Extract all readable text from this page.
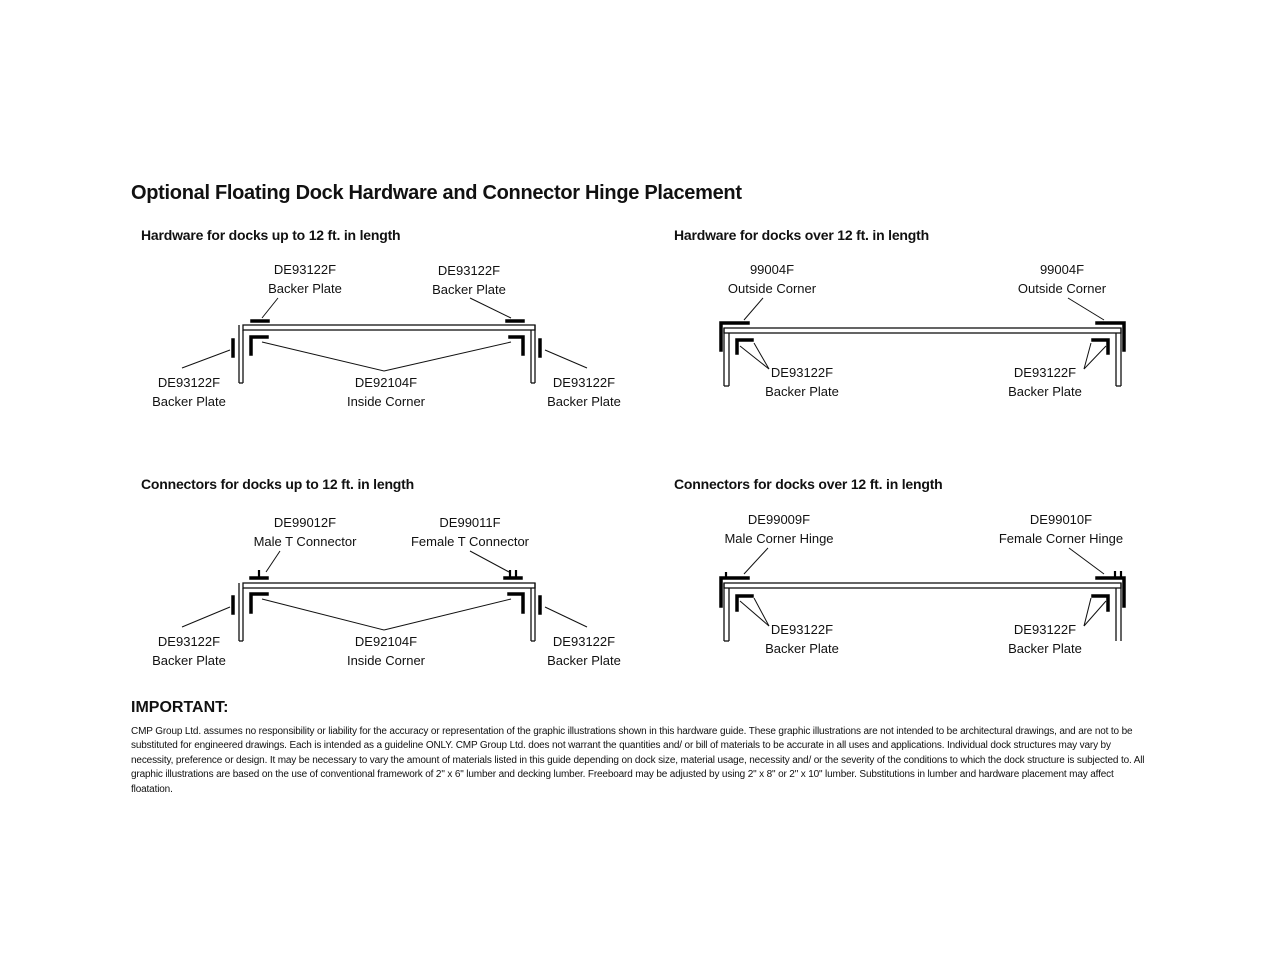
Optional Floating Dock Hardware and Connector Hinge Placement
Hardware for docks up to 12 ft. in length	Hardware for docks over 12 ft. in length
Connectors for docks up to 12 ft. in length	Connectors for docks over 12 ft. in length
DE93122F
Backer Plate
DE93122F
Backer Plate
DE93122F
Backer Plate
DE92104F
Inside Corner
DE93122F
Backer Plate
99004F
Outside Corner
99004F
Outside Corner
DE93122F
Backer Plate
DE93122F
Backer Plate
DE99012F
Male T Connector
DE99011F
Female T Connector
DE93122F
Backer Plate
DE92104F
Inside Corner
DE93122F
Backer Plate
DE99009F
Male Corner Hinge
DE99010F
Female Corner Hinge
DE93122F
Backer Plate
DE93122F
Backer Plate
IMPORTANT:
CMP Group Ltd. assumes no responsibility or liability for the accuracy or representation of the graphic illustrations shown in this hardware guide. These graphic illustrations are not intended to be architectural drawings, and are not to be substituted for engineered drawings. Each is intended as a guideline ONLY. CMP Group Ltd. does not warrant the quantities and/ or bill of materials to be accurate in all uses and applications. Individual dock structures may vary by necessity, preference or design. It may be necessary to vary the amount of materials listed in this guide depending on dock size, material usage, necessity and/ or the severity of the conditions to which the dock structure is subjected to. All graphic illustrations are based on the use of conventional framework of 2" x 6" lumber and decking lumber. Freeboard may be adjusted by using 2" x 8" or 2" x 10" lumber. Substitutions in lumber and hardware placement may affect floatation.
